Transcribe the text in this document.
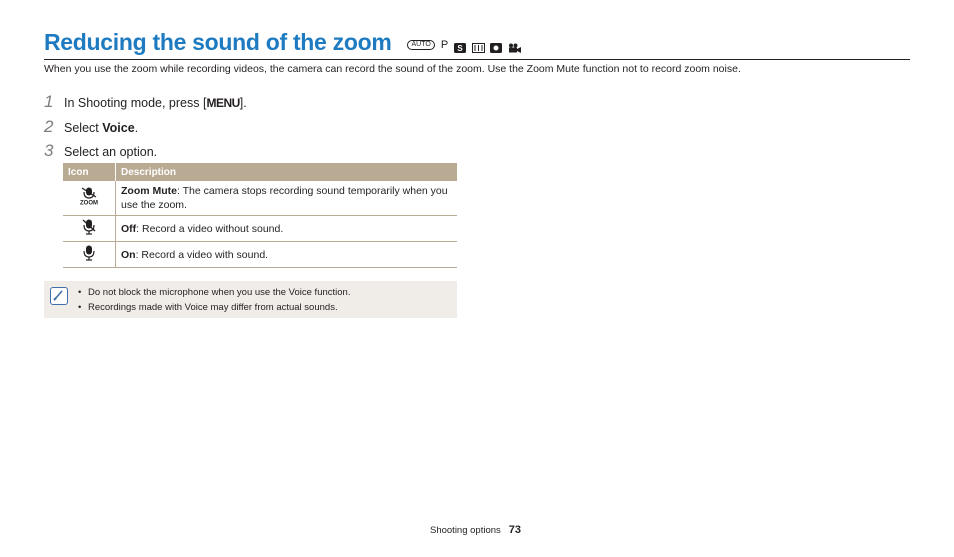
Reducing the sound of the zoom	AUTO P S

When you use the zoom while recording videos, the camera can record the sound of the zoom. Use the Zoom Mute function not to record zoom noise.

1 In Shooting mode, press [MENU].
2 Select Voice.
3 Select an option.
Icon	Description

ZOOM	Zoom Mute: The camera stops recording sound temporarily when you use the zoom.
	Off: Record a video without sound.
	On: Record a video with sound.
• Do not block the microphone when you use the Voice function.
• Recordings made with Voice may differ from actual sounds.
Shooting options 73
